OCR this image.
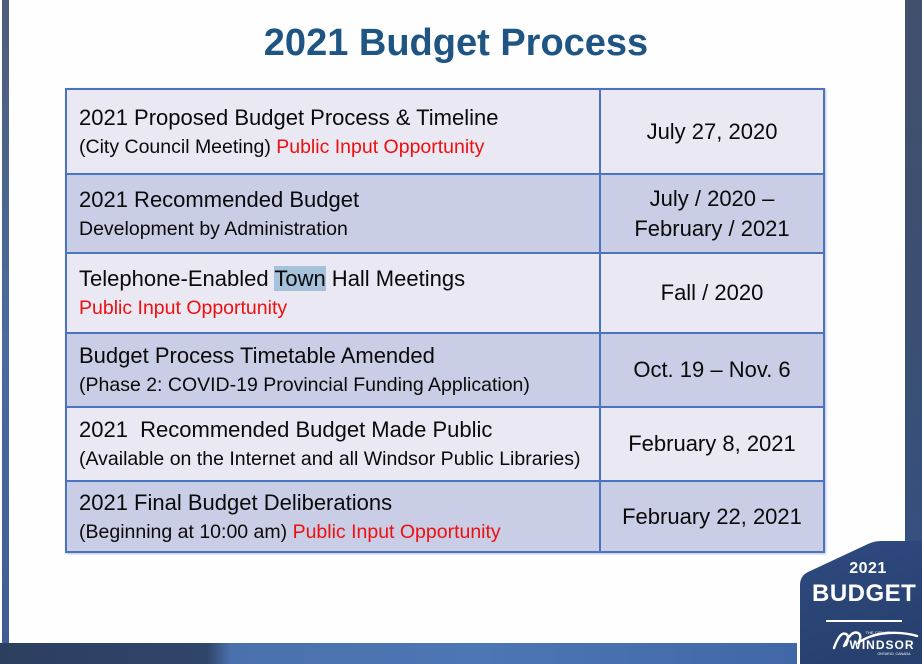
2021 Budget Process
2021 Proposed Budget Process & Timeline
(City Council Meeting) Public Input Opportunity
July 27, 2020
2021 Recommended Budget
Development by Administration
July / 2020 –
February / 2021
Telephone-Enabled Town Hall Meetings
Public Input Opportunity
Fall / 2020
Budget Process Timetable Amended
(Phase 2: COVID-19 Provincial Funding Application)
Oct. 19 – Nov. 6
2021  Recommended Budget Made Public
(Available on the Internet and all Windsor Public Libraries)
February 8, 2021
2021 Final Budget Deliberations
(Beginning at 10:00 am) Public Input Opportunity
February 22, 2021
2021
BUDGET
THE CITY OF
WINDSOR
ONTARIO, CANADA
